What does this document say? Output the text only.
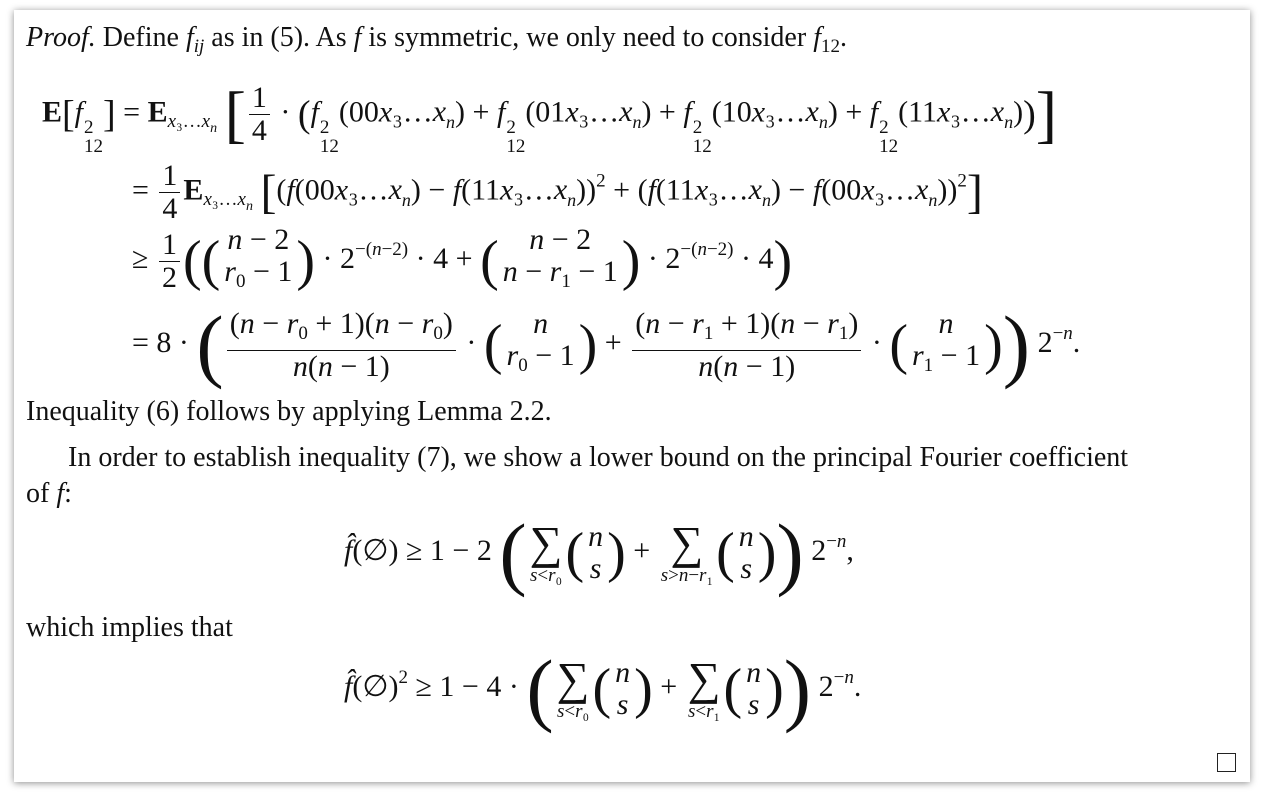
Proof. Define $f_{ij}$ as in (5). As f is symmetric, we only need to consider $f_{12}$.
E[f 2
12
] = $E_{x_3\dots x_n}$ [ $\frac{1}{4} \cdot (f$ 2
12
$(00x_3\dots x_n) + f$ 2
12
$(01x_3\dots x_n) + f$ 2
12
$(10x_3\dots x_n) + f$ 2
12
$(11x_3\dots x_n)$)]
= $\frac{1}{4} E_{x_3\dots x_n}$ [($f(00x_3\dots x_n)$ − $f(11x_3\dots x_n))^2$ + ($f(11x_3\dots x_n)$ − $f(00x_3\dots x_n))^2$]
≥ $\frac{1}{2}$ (( n − 2
$r_0 - 1$ ) · $2^{-(n-2)} \cdot 4$ + ( n − 2
$n - r_1 - 1$ ) · $2^{-(n-2)} \cdot 4$)
= 8 · ( $\frac{(n - r_0 + 1)(n - r_0)}{n(n - 1)}$ · ( n
$r_0 - 1$ ) + $\frac{(n - r_1 + 1)(n - r_1)}{n(n - 1)}$ · ( n
$r_1 - 1$ )) $2^{-n}$.
Inequality (6) follows by applying Lemma 2.2.
In order to establish inequality (7), we show a lower bound on the principal Fourier coefficient
of f:
f̂(∅) ≥ 1 − 2 ( ∑
s<r₀ ( n
s ) + ∑
s>n−r₁ ( n
s )) $2^{-n}$,
which implies that
f̂(∅)$^2$ ≥ 1 − 4 · ( ∑
s<r₀ ( n
s ) + ∑
s<r₁ ( n
s )) $2^{-n}$.
